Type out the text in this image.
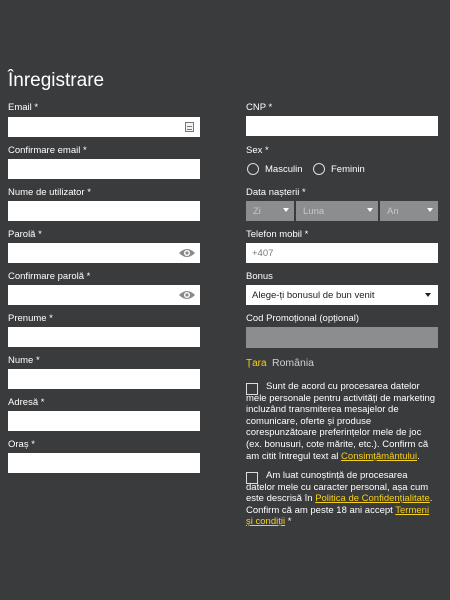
Înregistrare
Email *
Confirmare email *
Nume de utilizator *
Parolă *
Confirmare parolă *
Prenume *
Nume *
Adresă *
Oraș *
CNP *
Sex *
Masculin	Feminin
Data nașterii *
Zi	Luna	An
Telefon mobil *
+407
Bonus
Alege-ți bonusul de bun venit
Cod Promoțional (opțional)
Țara România
Sunt de acord cu procesarea datelor mele personale pentru activități de marketing incluzând transmiterea mesajelor de comunicare, oferte și produse corespunzătoare preferințelor mele de joc (ex. bonusuri, cote mărite, etc.). Confirm că am citit întregul text al Consimțământului.
Am luat cunoștință de procesarea datelor mele cu caracter personal, așa cum este descrisă în Politica de Confidențialitate. Confirm că am peste 18 ani accept Termeni și condiții *
